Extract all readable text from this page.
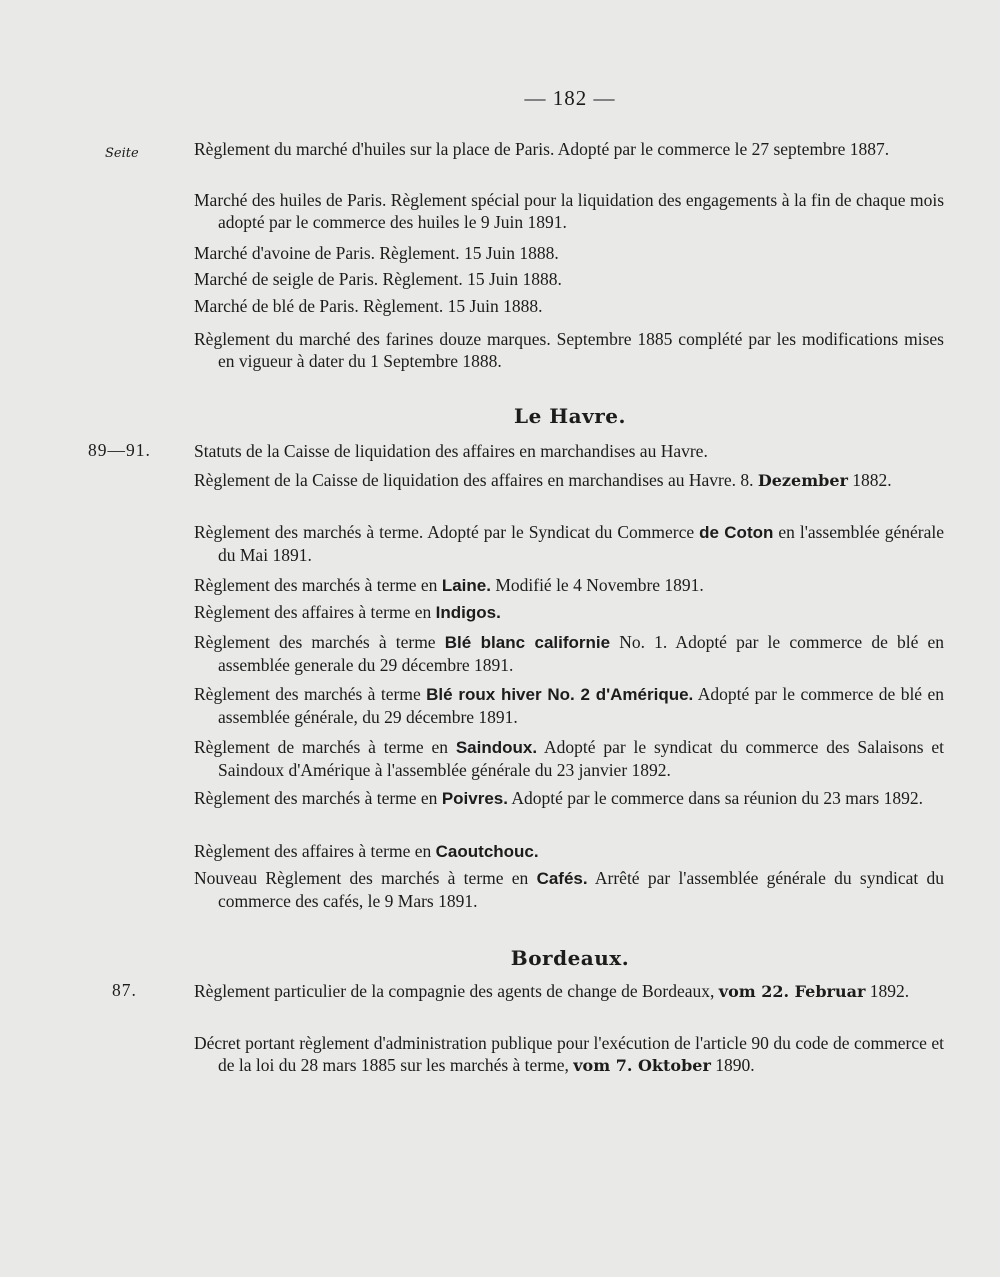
— 182 —
Seite	Règlement du marché d'huiles sur la place de Paris. Adopté par le commerce le 27 septembre 1887.
Marché des huiles de Paris. Règlement spécial pour la liquidation des engagements à la fin de chaque mois adopté par le commerce des huiles le 9 Juin 1891.
Marché d'avoine de Paris. Règlement. 15 Juin 1888.
Marché de seigle de Paris. Règlement. 15 Juin 1888.
Marché de blé de Paris. Règlement. 15 Juin 1888.
Règlement du marché des farines douze marques. Septembre 1885 complété par les modifications mises en vigueur à dater du 1 Septembre 1888.
Le Havre.
89—91. Statuts de la Caisse de liquidation des affaires en marchandises au Havre.
Règlement de la Caisse de liquidation des affaires en marchandises au Havre. 8. Dezember 1882.
Règlement des marchés à terme. Adopté par le Syndicat du Commerce de Coton en l'assemblée générale du Mai 1891.
Règlement des marchés à terme en Laine. Modifié le 4 Novembre 1891.
Règlement des affaires à terme en Indigos.
Règlement des marchés à terme Blé blanc californie No. 1. Adopté par le commerce de blé en assemblée generale du 29 décembre 1891.
Règlement des marchés à terme Blé roux hiver No. 2 d'Amérique. Adopté par le commerce de blé en assemblée générale, du 29 décembre 1891.
Règlement de marchés à terme en Saindoux. Adopté par le syndicat du commerce des Salaisons et Saindoux d'Amérique à l'assemblée générale du 23 janvier 1892.
Règlement des marchés à terme en Poivres. Adopté par le commerce dans sa réunion du 23 mars 1892.
Règlement des affaires à terme en Caoutchouc.
Nouveau Règlement des marchés à terme en Cafés. Arrêté par l'assemblée générale du syndicat du commerce des cafés, le 9 Mars 1891.
Bordeaux.
87.	Règlement particulier de la compagnie des agents de change de Bordeaux, vom 22. Februar 1892.
Décret portant règlement d'administration publique pour l'exécution de l'article 90 du code de commerce et de la loi du 28 mars 1885 sur les marchés à terme, vom 7. Oktober 1890.
